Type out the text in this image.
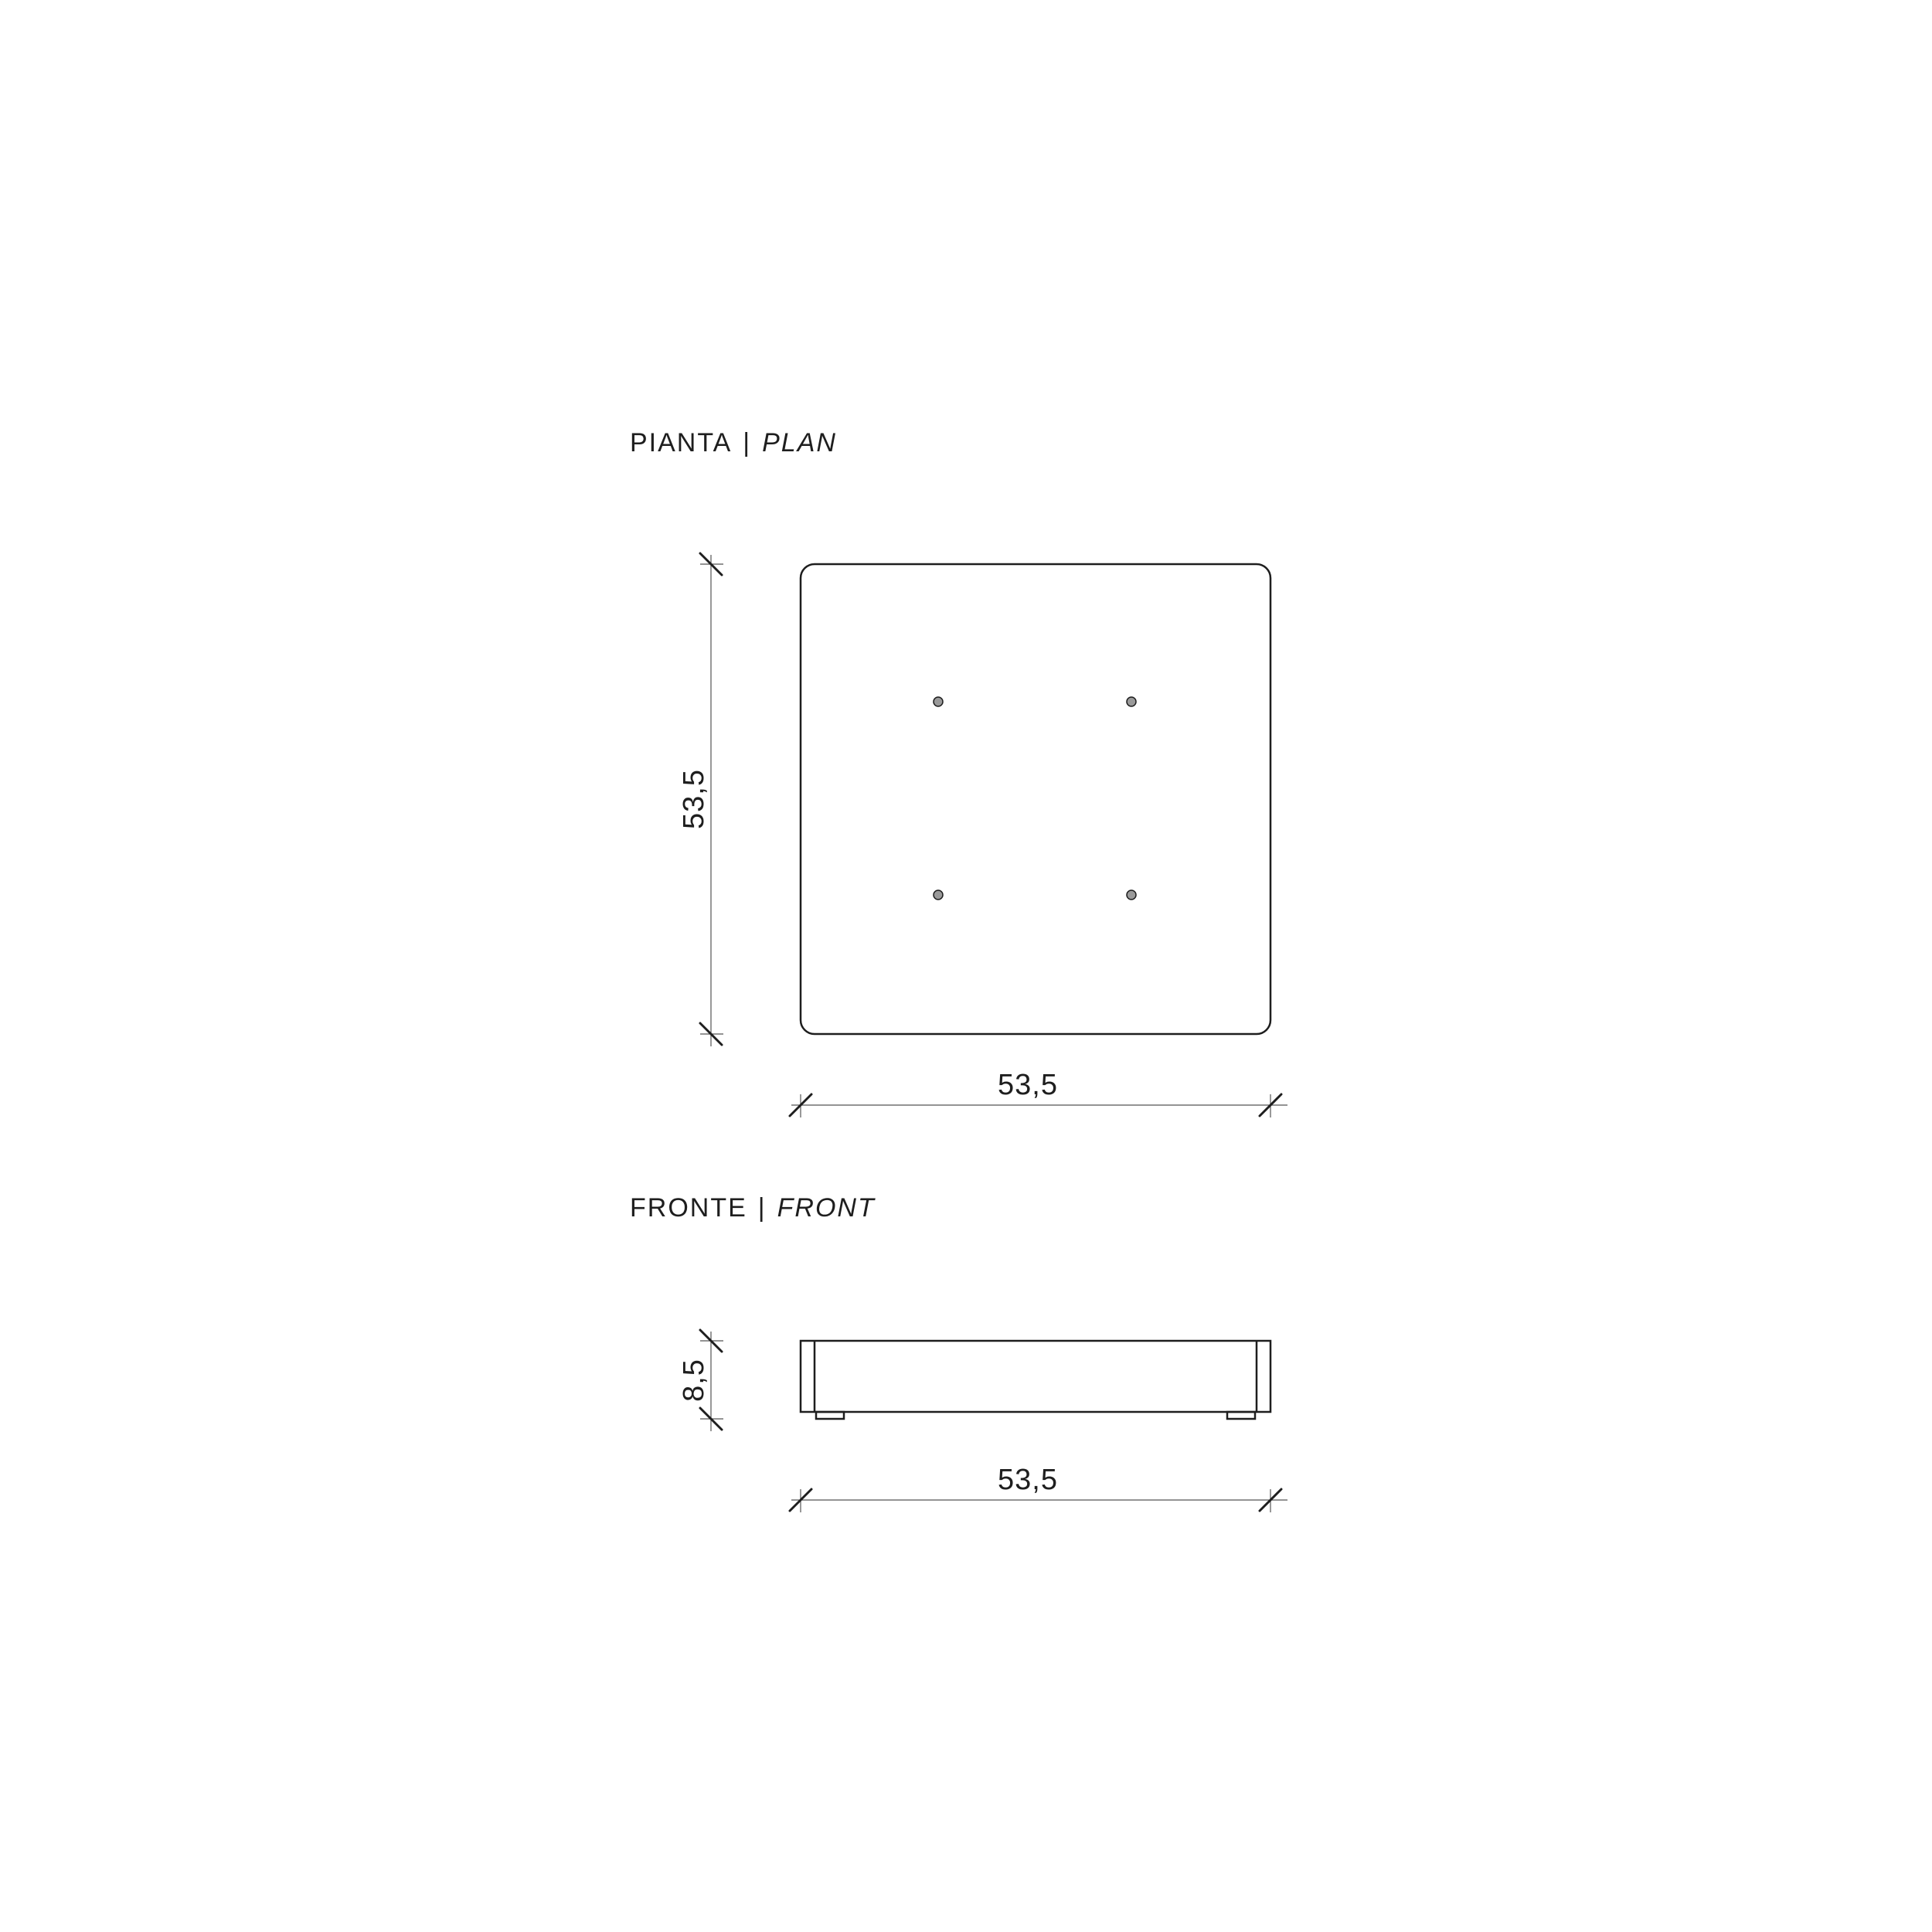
PIANTA | PLAN
53,5
53,5
FRONTE | FRONT
8,5
53,5
